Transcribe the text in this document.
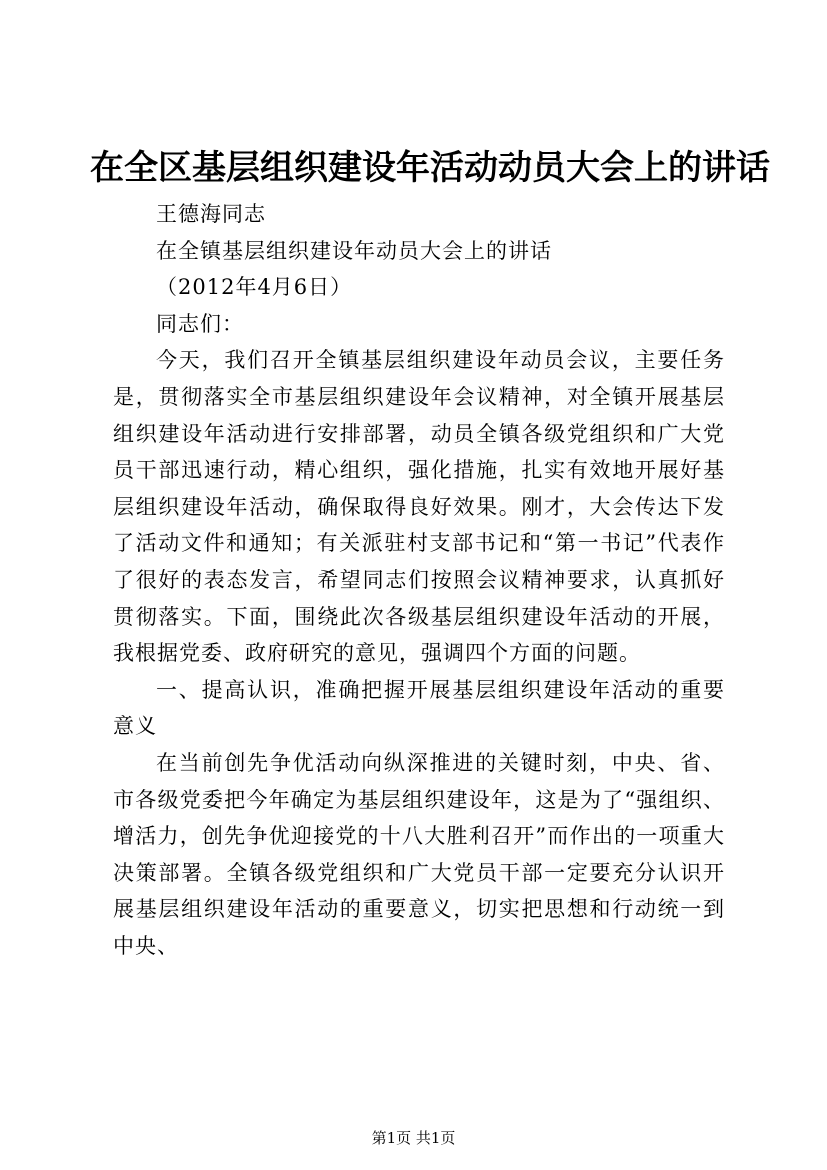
在全区基层组织建设年活动动员大会上的讲话

王德海同志

在全镇基层组织建设年动员大会上的讲话

（2012年4月6日）

同志们：

今天，我们召开全镇基层组织建设年动员会议，主要任务是，贯彻落实全市基层组织建设年会议精神，对全镇开展基层组织建设年活动进行安排部署，动员全镇各级党组织和广大党员干部迅速行动，精心组织，强化措施，扎实有效地开展好基层组织建设年活动，确保取得良好效果。刚才，大会传达下发了活动文件和通知；有关派驻村支部书记和“第一书记”代表作了很好的表态发言，希望同志们按照会议精神要求，认真抓好贯彻落实。下面，围绕此次各级基层组织建设年活动的开展，我根据党委、政府研究的意见，强调四个方面的问题。

一、提高认识，准确把握开展基层组织建设年活动的重要意义

在当前创先争优活动向纵深推进的关键时刻，中央、省、市各级党委把今年确定为基层组织建设年，这是为了“强组织、增活力，创先争优迎接党的十八大胜利召开”而作出的一项重大决策部署。全镇各级党组织和广大党员干部一定要充分认识开展基层组织建设年活动的重要意义，切实把思想和行动统一到中央、

第1页 共1页
